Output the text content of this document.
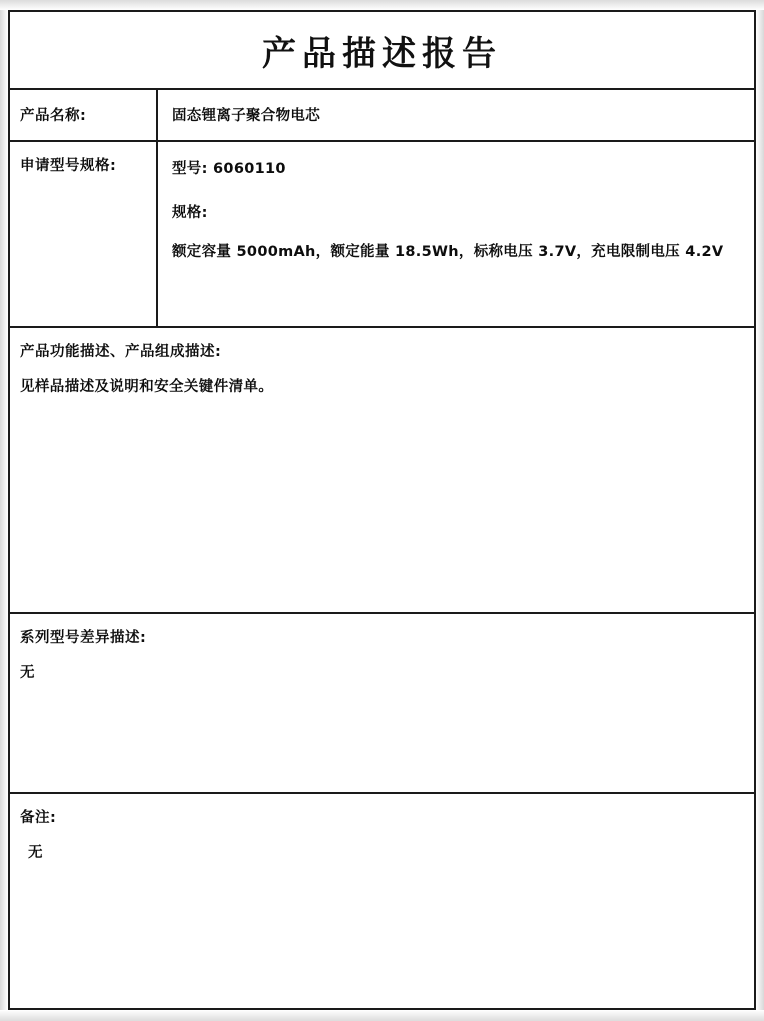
产品描述报告
产品名称:	固态锂离子聚合物电芯
申请型号规格:	型号: 6060110

规格:

额定容量 5000mAh，额定能量 18.5Wh，标称电压 3.7V，充电限制电压 4.2V

产品功能描述、产品组成描述:

见样品描述及说明和安全关键件清单。

系列型号差异描述:

无

备注:

无
